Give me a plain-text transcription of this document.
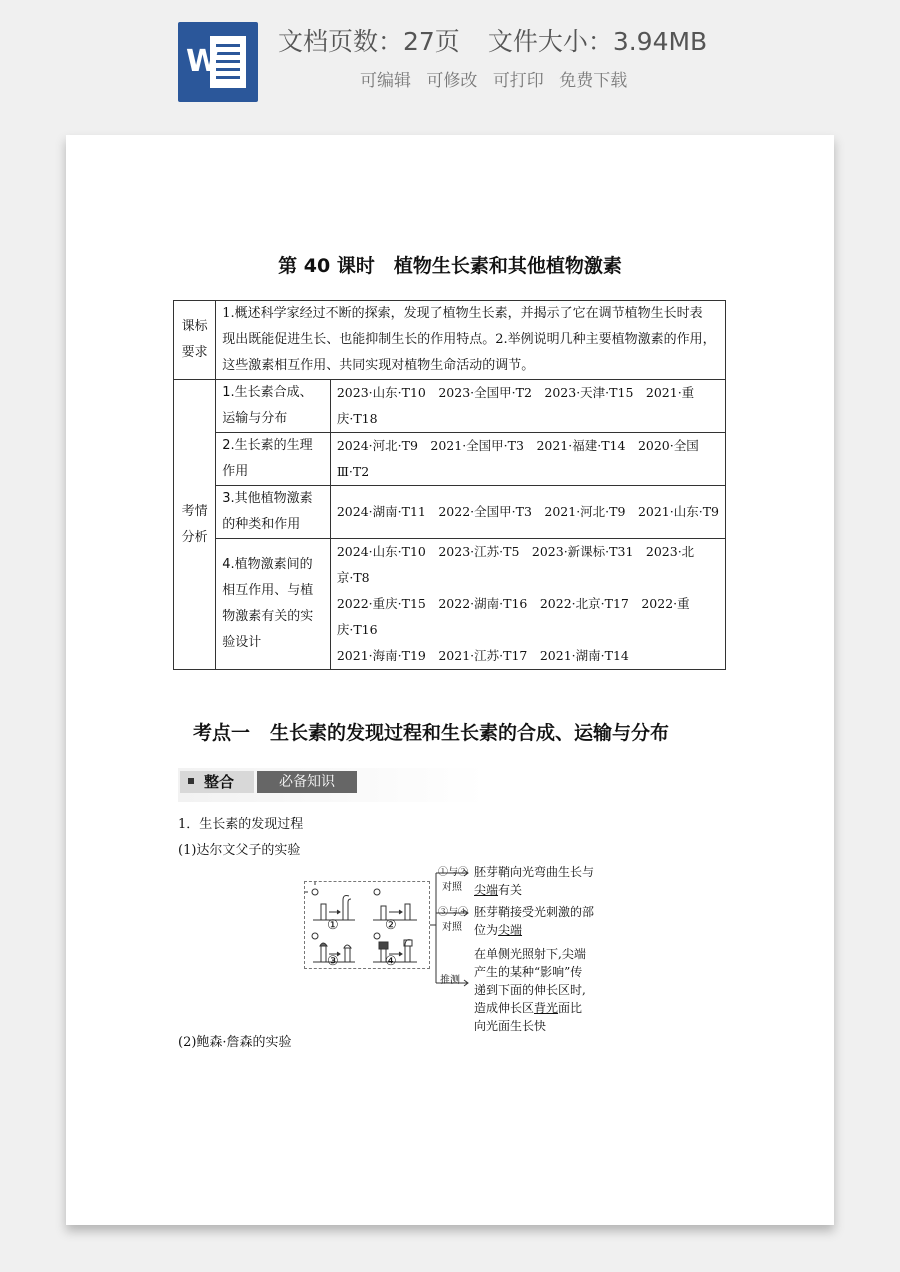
W
文档页数：27页 文件大小：3.94MB
可编辑 可修改 可打印 免费下载
第 40 课时　植物生长素和其他植物激素
课标要求	1.概述科学家经过不断的探索，发现了植物生长素，并揭示了它在调节植物生长时表
现出既能促进生长、也能抑制生长的作用特点。2.举例说明几种主要植物激素的作用，
这些激素相互作用、共同实现对植物生命活动的调节。	

考情分析	1.生长素合成、运输与分布	2023·山东·T10　2023·全国甲·T2　2023·天津·T15　2021·重
庆·T18

	2.生长素的生理作用	2024·河北·T9　2021·全国甲·T3　2021·福建·T14　2020·全国
Ⅲ·T2

	3.其他植物激素的种类和作用	2024·湖南·T11　2022·全国甲·T3　2021·河北·T9　2021·山东·T9

	4.植物激素间的相互作用、与植物激素有关的实验设计	2024·山东·T10　2023·江苏·T5　2023·新课标·T31　2023·北
京·T8
2022·重庆·T15　2022·湖南·T16　2022·北京·T17　2022·重
庆·T16
2021·海南·T19　2021·江苏·T17　2021·湖南·T14
考点一 生长素的发现过程和生长素的合成、运输与分布
整合	必备知识
1．生长素的发现过程
(1)达尔文父子的实验
①	②
③	④
①与②
对照
③与④
对照
推测
胚芽鞘向光弯曲生长与
尖端有关
胚芽鞘接受光刺激的部
位为尖端
在单侧光照射下,尖端
产生的某种“影响”传
递到下面的伸长区时,
造成伸长区背光面比
向光面生长快
(2)鲍森·詹森的实验
